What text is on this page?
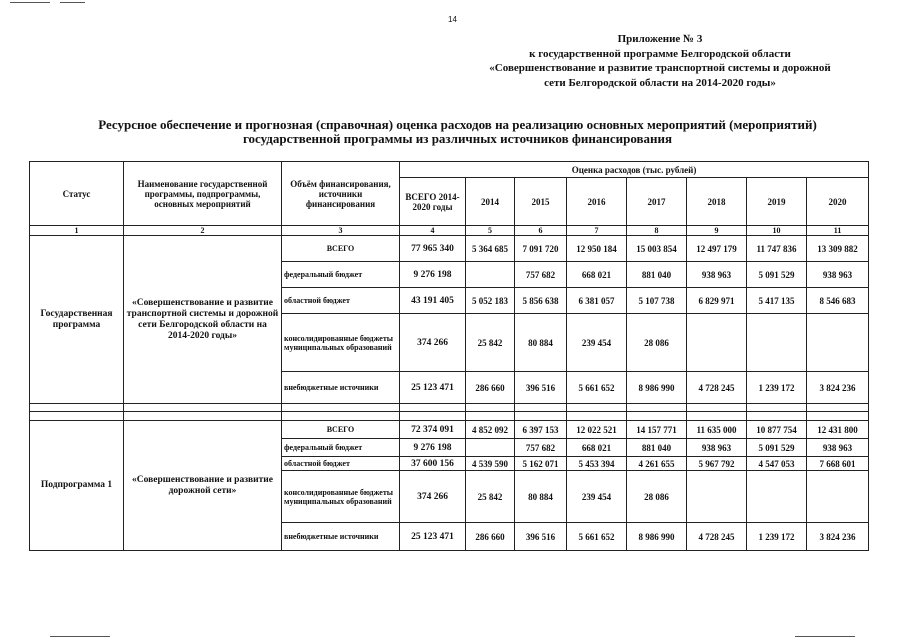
14
Приложение № 3
к государственной программе Белгородской области
«Совершенствование и развитие транспортной системы и дорожной
сети Белгородской области на 2014-2020 годы»
Ресурсное обеспечение и прогнозная (справочная) оценка расходов на реализацию основных мероприятий (мероприятий)
государственной программы из различных источников финансирования
Статус	Наименование государственной программы, подпрограммы, основных мероприятий	Объём финансирования, источники финансирования	Оценка расходов (тыс. рублей)							
			ВСЕГО 2014-2020 годы	2014	2015	2016	2017	2018	2019	2020
1	2	3	4	5	6	7	8	9	10	11
Государственная программа	«Совершенствование и развитие транспортной системы и дорожной сети Белгородской области на 2014-2020 годы»	ВСЕГО	77 965 340	5 364 685	7 091 720	12 950 184	15 003 854	12 497 179	11 747 836	13 309 882
		федеральный бюджет	9 276 198		757 682	668 021	881 040	938 963	5 091 529	938 963
		областной бюджет	43 191 405	5 052 183	5 856 638	6 381 057	5 107 738	6 829 971	5 417 135	8 546 683
		консолидированные бюджеты муниципальных образований	374 266	25 842	80 884	239 454	28 086			
		внебюджетные источники	25 123 471	286 660	396 516	5 661 652	8 986 990	4 728 245	1 239 172	3 824 236

Подпрограмма 1	«Совершенствование и развитие дорожной сети»	ВСЕГО	72 374 091	4 852 092	6 397 153	12 022 521	14 157 771	11 635 000	10 877 754	12 431 800
		федеральный бюджет	9 276 198		757 682	668 021	881 040	938 963	5 091 529	938 963
		областной бюджет	37 600 156	4 539 590	5 162 071	5 453 394	4 261 655	5 967 792	4 547 053	7 668 601
		консолидированные бюджеты муниципальных образований	374 266	25 842	80 884	239 454	28 086			
		внебюджетные источники	25 123 471	286 660	396 516	5 661 652	8 986 990	4 728 245	1 239 172	3 824 236
